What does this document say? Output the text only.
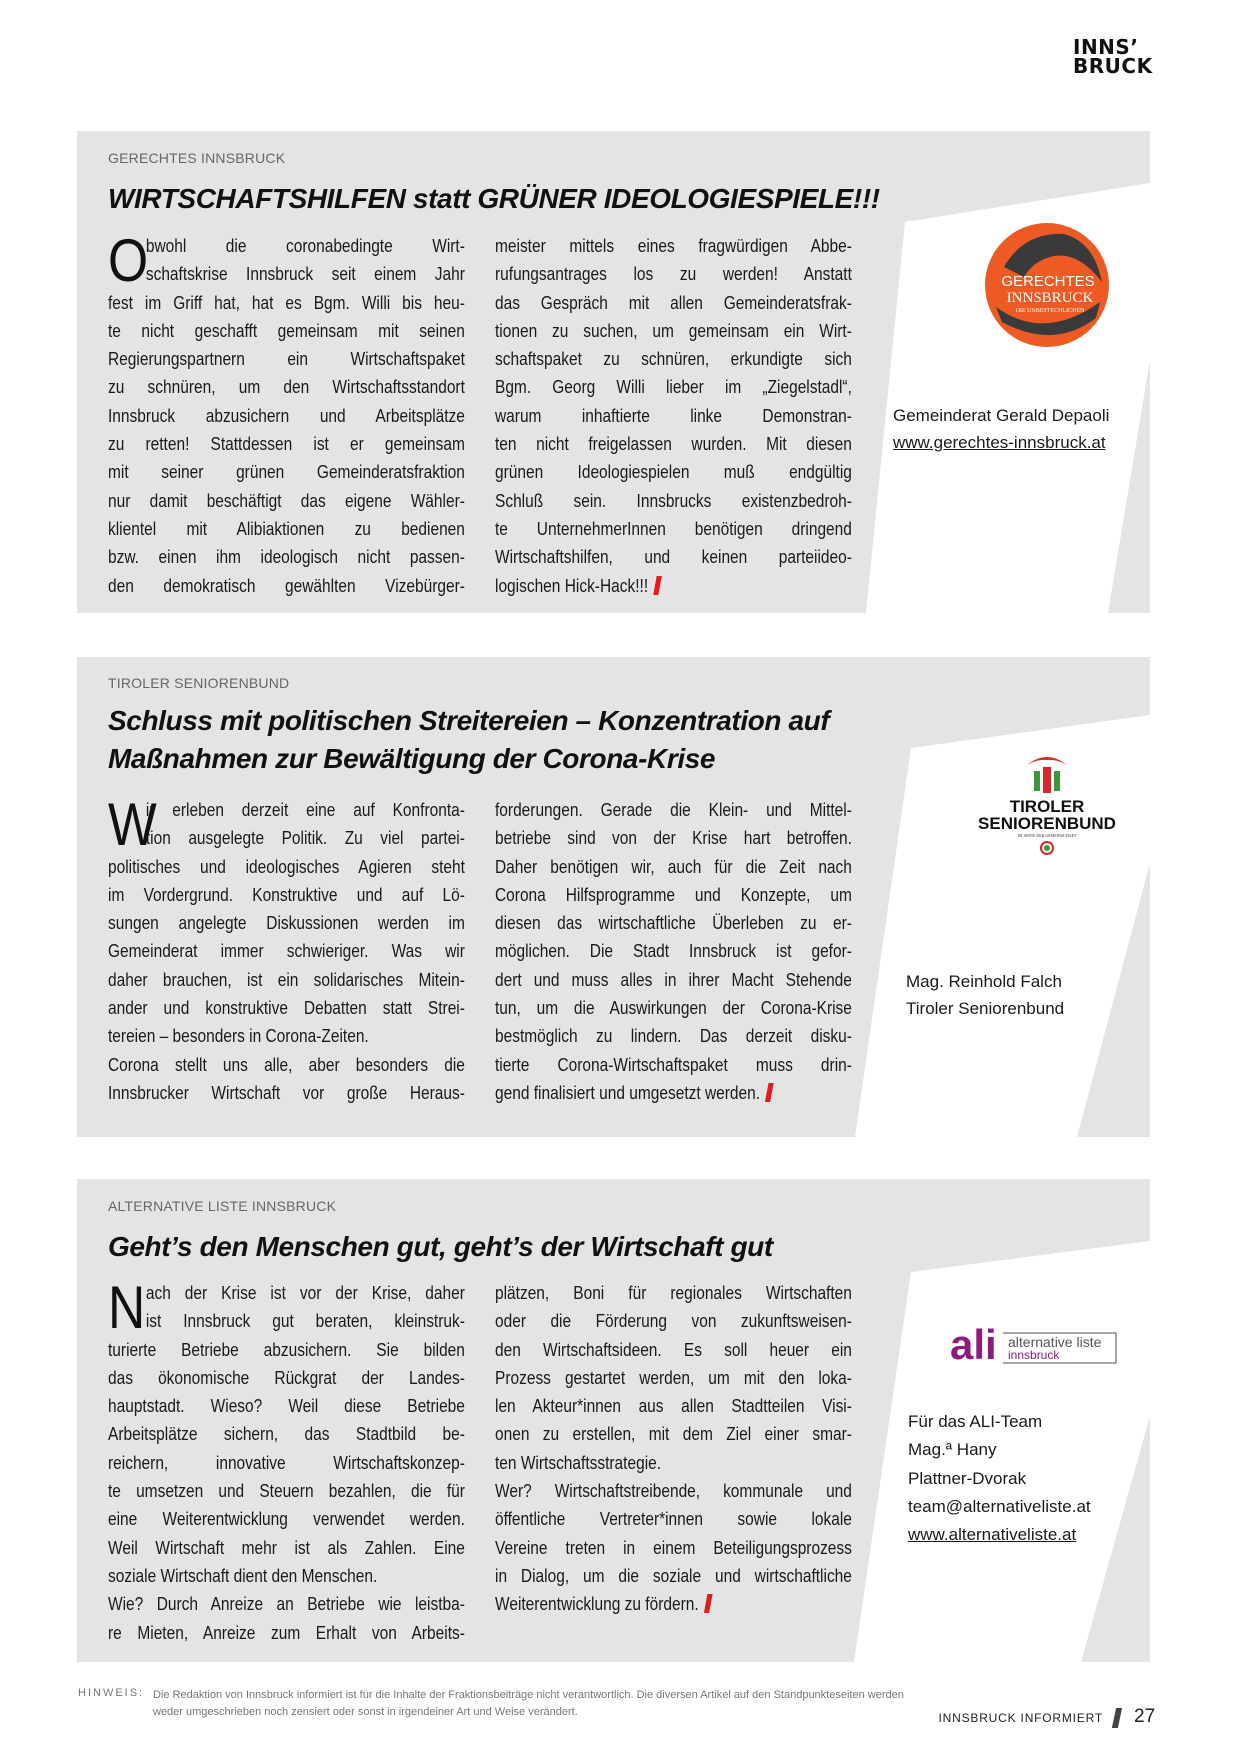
INNS’
BRUCK
GERECHTES INNSBRUCK
WIRTSCHAFTSHILFEN statt GRÜNER IDEOLOGIESPIELE!!!
O
bwohl die coronabedingte Wirt-
schaftskrise Innsbruck seit einem Jahr
fest im Griff hat, hat es Bgm. Willi bis heu-
te nicht geschafft gemeinsam mit seinen
Regierungspartnern ein Wirtschaftspaket
zu schnüren, um den Wirtschaftsstandort
Innsbruck abzusichern und Arbeitsplätze
zu retten! Stattdessen ist er gemeinsam
mit seiner grünen Gemeinderatsfraktion
nur damit beschäftigt das eigene Wähler-
klientel mit Alibiaktionen zu bedienen
bzw. einen ihm ideologisch nicht passen-
den demokratisch gewählten Vizebürger-
meister mittels eines fragwürdigen Abbe-
rufungsantrages los zu werden! Anstatt
das Gespräch mit allen Gemeinderatsfrak-
tionen zu suchen, um gemeinsam ein Wirt-
schaftspaket zu schnüren, erkundigte sich
Bgm. Georg Willi lieber im „Ziegelstadl“,
warum inhaftierte linke Demonstran-
ten nicht freigelassen wurden. Mit diesen
grünen Ideologiespielen muß endgültig
Schluß sein. Innsbrucks existenzbedroh-
te UnternehmerInnen benötigen dringend
Wirtschaftshilfen, und keinen parteiideo-
logischen Hick-Hack!!!
GERECHTES
INNSBRUCK
DIE UNBESTECHLICHEN
Gemeinderat Gerald Depaoli
www.gerechtes-innsbruck.at
TIROLER SENIORENBUND
Schluss mit politischen Streitereien – Konzentration auf
Maßnahmen zur Bewältigung der Corona-Krise
W
ir erleben derzeit eine auf Konfronta-
tion ausgelegte Politik. Zu viel partei-
politisches und ideologisches Agieren steht
im Vordergrund. Konstruktive und auf Lö-
sungen angelegte Diskussionen werden im
Gemeinderat immer schwieriger. Was wir
daher brauchen, ist ein solidarisches Mitein-
ander und konstruktive Debatten statt Strei-
tereien – besonders in Corona-Zeiten.
Corona stellt uns alle, aber besonders die
Innsbrucker Wirtschaft vor große Heraus-
forderungen. Gerade die Klein- und Mittel-
betriebe sind von der Krise hart betroffen.
Daher benötigen wir, auch für die Zeit nach
Corona Hilfsprogramme und Konzepte, um
diesen das wirtschaftliche Überleben zu er-
möglichen. Die Stadt Innsbruck ist gefor-
dert und muss alles in ihrer Macht Stehende
tun, um die Auswirkungen der Corona-Krise
bestmöglich zu lindern. Das derzeit disku-
tierte Corona-Wirtschaftspaket muss drin-
gend finalisiert und umgesetzt werden.
TIROLER
SENIORENBUND
IM SINNE DER GEMEINSCHAFT
Mag. Reinhold Falch
Tiroler Seniorenbund
ALTERNATIVE LISTE INNSBRUCK
Geht’s den Menschen gut, geht’s der Wirtschaft gut
N ach der Krise ist vor der Krise, daher
ist Innsbruck gut beraten, kleinstruk-
turierte Betriebe abzusichern. Sie bilden
das ökonomische Rückgrat der Landes-
hauptstadt. Wieso? Weil diese Betriebe
Arbeitsplätze sichern, das Stadtbild be-
reichern, innovative Wirtschaftskonzep-
te umsetzen und Steuern bezahlen, die für
eine Weiterentwicklung verwendet werden.
Weil Wirtschaft mehr ist als Zahlen. Eine
soziale Wirtschaft dient den Menschen.
Wie? Durch Anreize an Betriebe wie leistba-
re Mieten, Anreize zum Erhalt von Arbeits-
plätzen, Boni für regionales Wirtschaften
oder die Förderung von zukunftsweisen-
den Wirtschaftsideen. Es soll heuer ein
Prozess gestartet werden, um mit den loka-
len Akteur*innen aus allen Stadtteilen Visi-
onen zu erstellen, mit dem Ziel einer smar-
ten Wirtschaftsstrategie.
Wer? Wirtschaftstreibende, kommunale und
öffentliche Vertreter*innen sowie lokale
Vereine treten in einem Beteiligungsprozess
in Dialog, um die soziale und wirtschaftliche
Weiterentwicklung zu fördern.
ali alternative liste
innsbruck
Für das ALI-Team
Mag.ª Hany
Plattner-Dvorak
team@alternativeliste.at
www.alternativeliste.at
HINWEIS: Die Redaktion von Innsbruck informiert ist für die Inhalte der Fraktionsbeiträge nicht verantwortlich. Die diversen Artikel auf den Standpunkteseiten werden weder umgeschrieben noch zensiert oder sonst in irgendeiner Art und Weise verändert.	INNSBRUCK INFORMIERT 27
